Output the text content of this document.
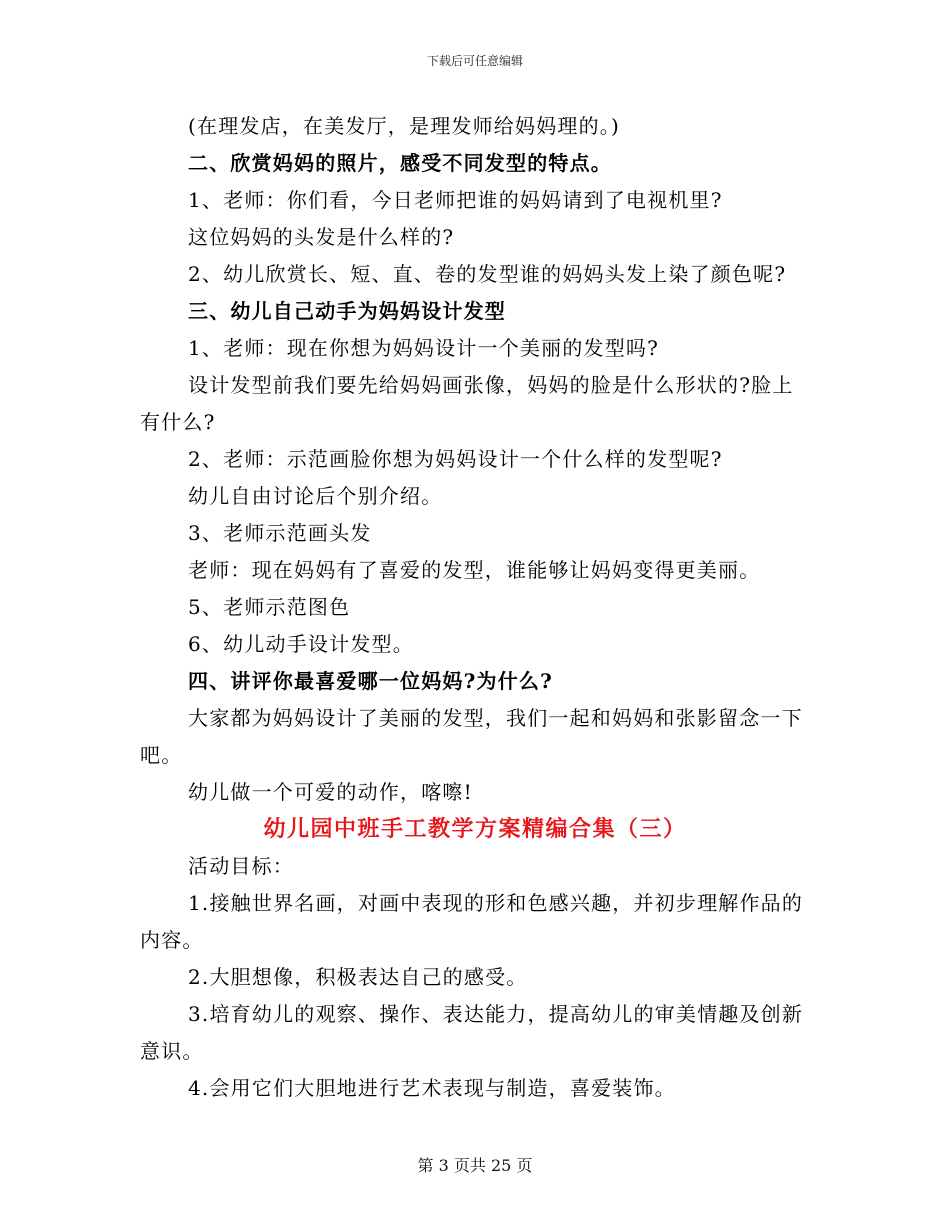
下载后可任意编辑

(在理发店，在美发厅，是理发师给妈妈理的。)

二、欣赏妈妈的照片，感受不同发型的特点。

1、老师：你们看，今日老师把谁的妈妈请到了电视机里?

这位妈妈的头发是什么样的?

2、幼儿欣赏长、短、直、卷的发型谁的妈妈头发上染了颜色呢?

三、幼儿自己动手为妈妈设计发型

1、老师：现在你想为妈妈设计一个美丽的发型吗?

设计发型前我们要先给妈妈画张像，妈妈的脸是什么形状的?脸上有什么?

2、老师：示范画脸你想为妈妈设计一个什么样的发型呢?

幼儿自由讨论后个别介绍。

3、老师示范画头发

老师：现在妈妈有了喜爱的发型，谁能够让妈妈变得更美丽。

5、老师示范图色

6、幼儿动手设计发型。

四、讲评你最喜爱哪一位妈妈?为什么?

大家都为妈妈设计了美丽的发型，我们一起和妈妈和张影留念一下吧。

幼儿做一个可爱的动作，喀嚓!

幼儿园中班手工教学方案精编合集（三）

活动目标：

1.接触世界名画，对画中表现的形和色感兴趣，并初步理解作品的内容。

2.大胆想像，积极表达自己的感受。

3.培育幼儿的观察、操作、表达能力，提高幼儿的审美情趣及创新意识。

4.会用它们大胆地进行艺术表现与制造，喜爱装饰。

第 3 页共 25 页
